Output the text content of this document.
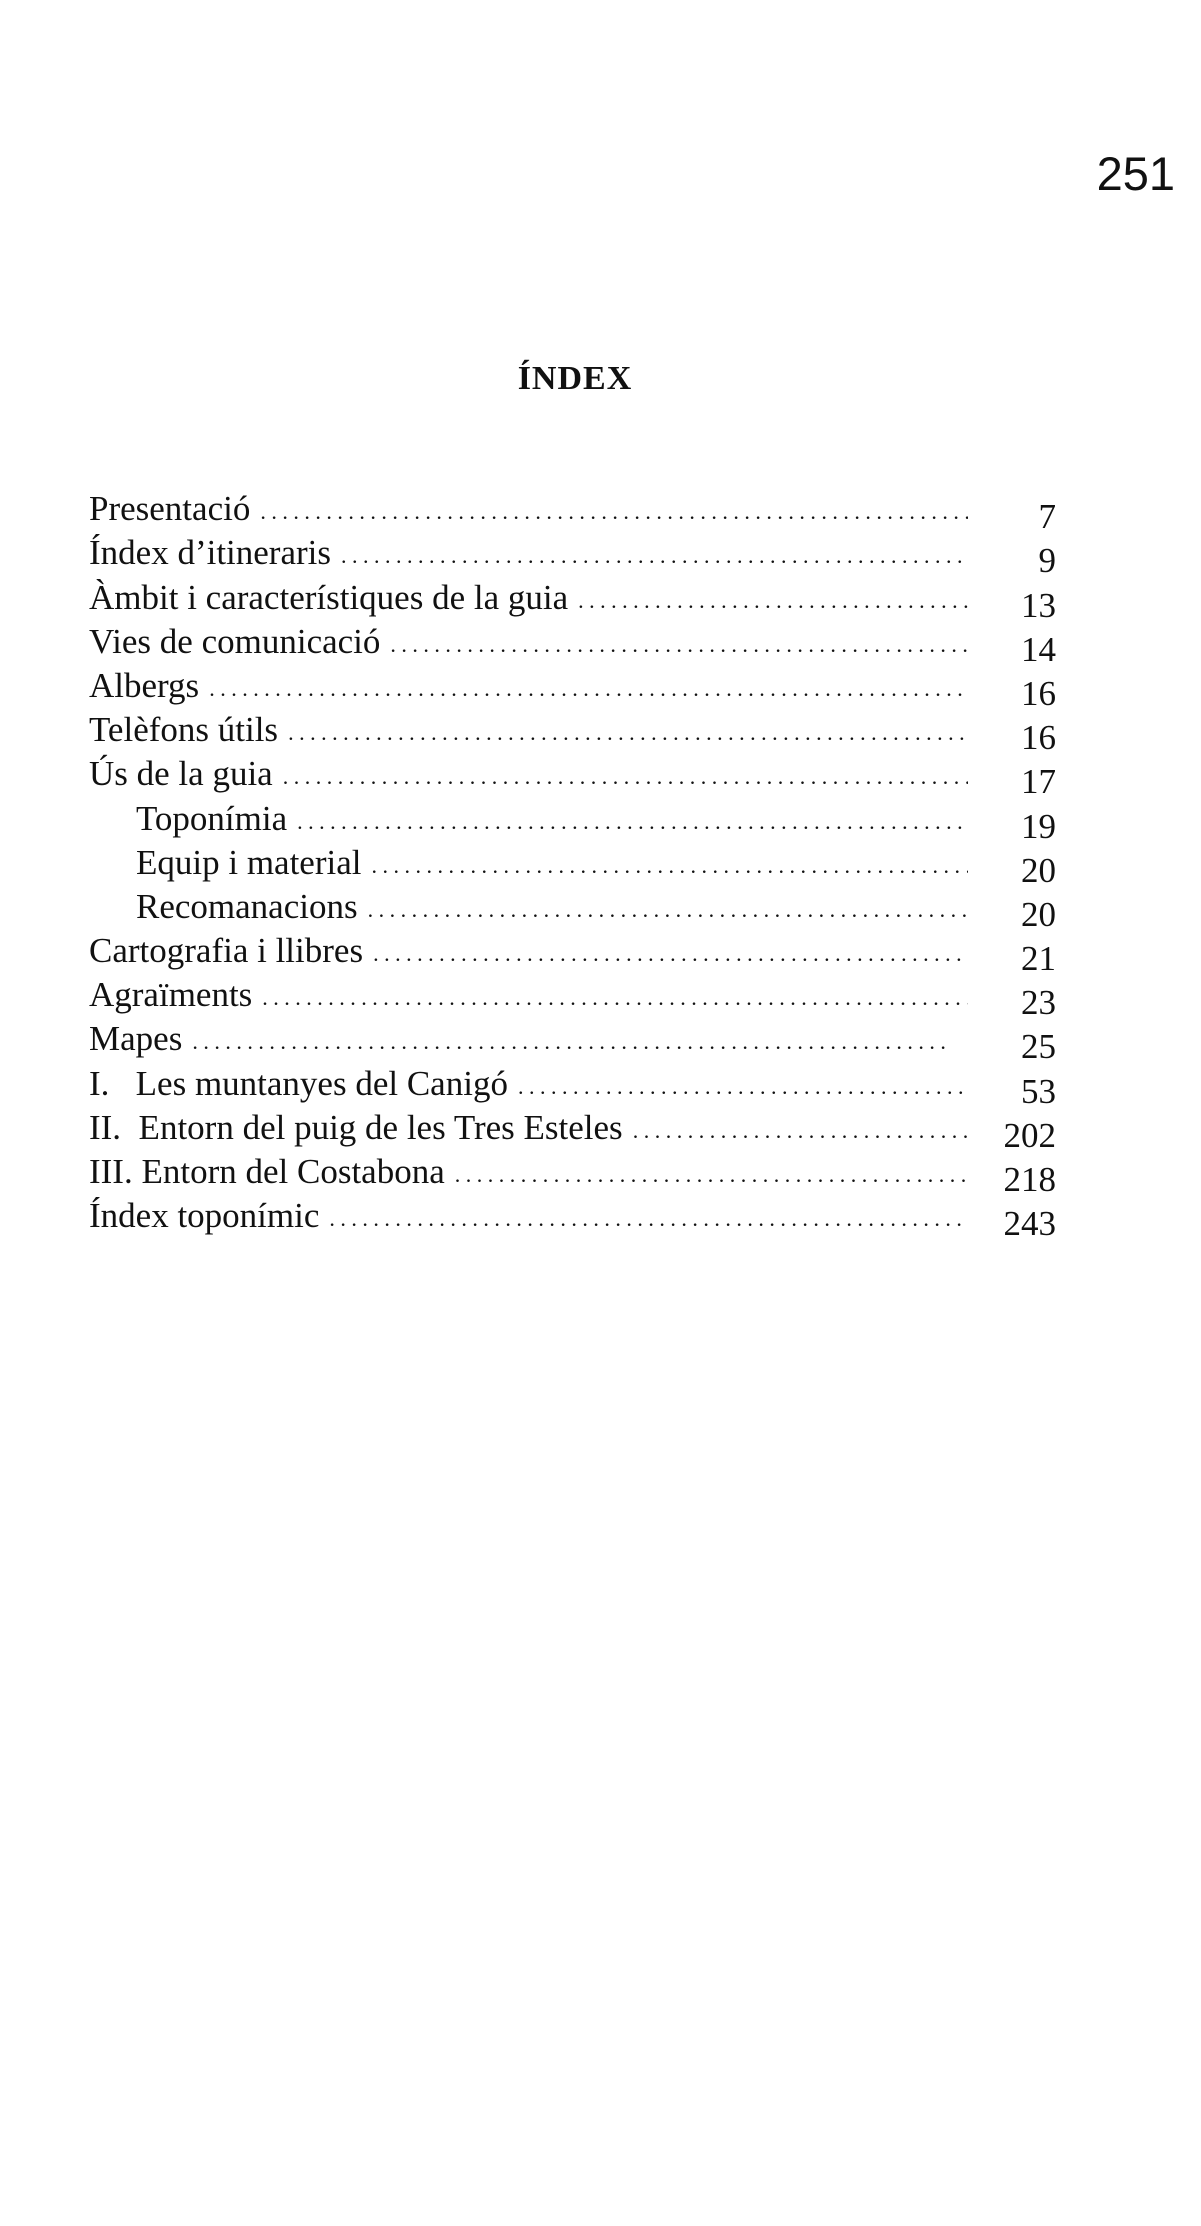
251
ÍNDEX
Presentació . . .	7
Índex d’itineraris . . .	9
Àmbit i característiques de la guia . . .	13
Vies de comunicació . . .	14
Albergs . . .	16
Telèfons útils . . .	16
Ús de la guia . . .	17
Toponímia . . .	19
Equip i material . . .	20
Recomanacions . . .	20
Cartografia i llibres . . .	21
Agraïments . . .	23
Mapes . . .	25
I.   Les muntanyes del Canigó . . .	53
II.  Entorn del puig de les Tres Esteles . . .	202
III. Entorn del Costabona . . .	218
Índex toponímic . . .	243
